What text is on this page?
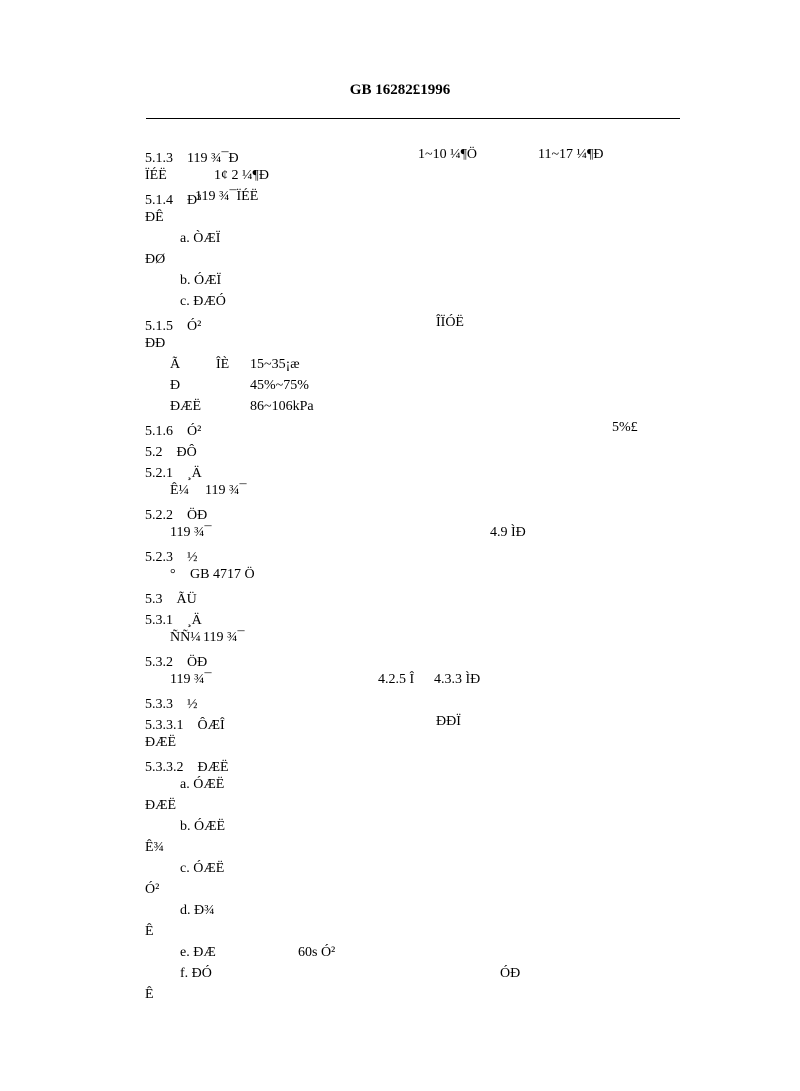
GB 16282£1996
5.1.3　119 ¾¯Ð	1~10 ¼¶Ö	11~17 ¼¶Ð
ÏÉË	1¢ 2 ¼¶Ð
5.1.4　Ð³
119 ¾¯ÏÉË
ÐÊ
a. ÒÆÏ
ÐØ
b. ÓÆÏ
c. ÐÆÓ
5.1.5　Ó²	ÎÏÓË
ÐÐ
Ã	ÎÈ 15~35¡æ
Ð	45%~75%
ÐÆË	86~106kPa
5.1.6　Ó²	5%£
5.2　ÐÔ
5.2.1　¸Ä
Ê¼ 119 ¾¯
5.2.2　ÖÐ
119 ¾¯	4.9 ÌÐ
5.2.3　½
° GB 4717 Ö
5.3　ÃÜ
5.3.1　¸Ä
ÑÑ¼ 119 ¾¯
5.3.2　ÖÐ
119 ¾¯	4.2.5 Î 4.3.3 ÌÐ
5.3.3　½
5.3.3.1　ÔÆÎ	ÐÐÏ
ÐÆË
5.3.3.2　ÐÆË
a. ÓÆË
ÐÆË
b. ÓÆË
Ê¾
c. ÓÆË
Ó²
d. Ð¾
Ê
e. ÐÆ	60s Ó²
f. ÐÓ	ÓÐ
Ê
